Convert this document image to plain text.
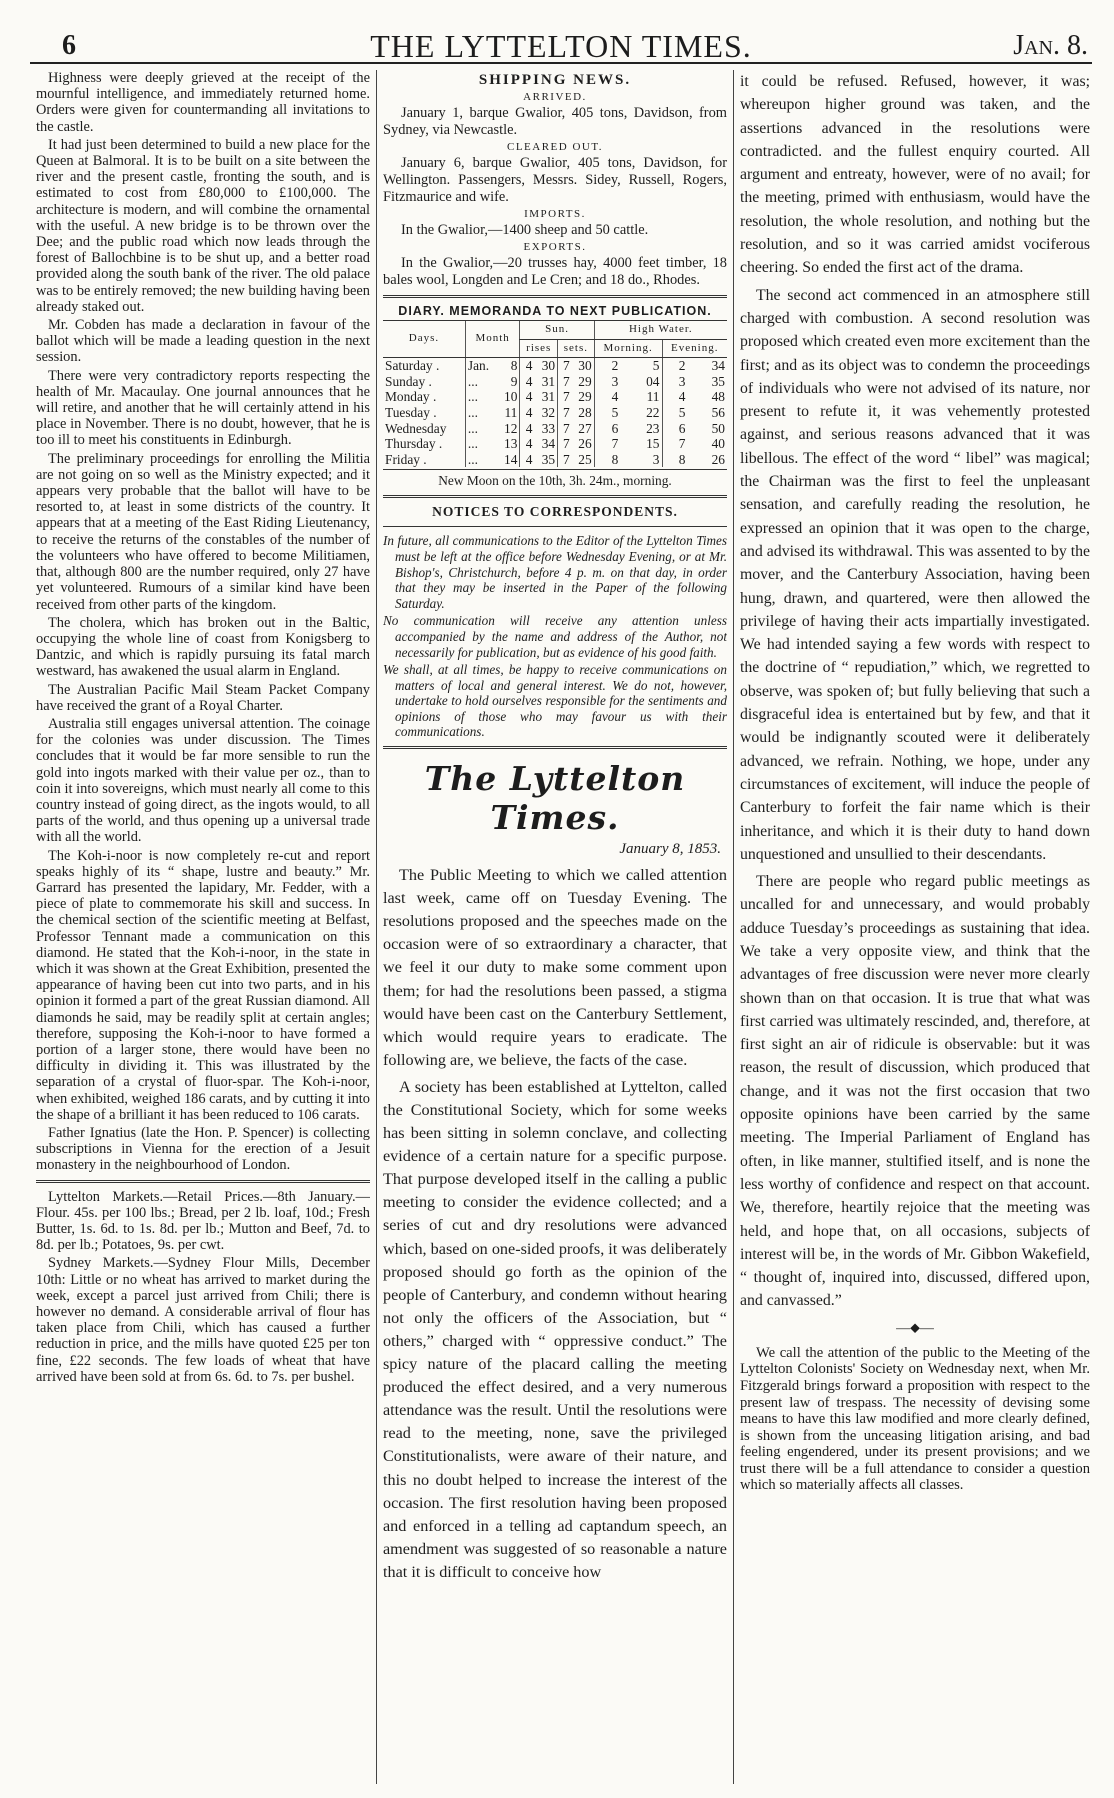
6	THE LYTTELTON TIMES.	Jan. 8.

Highness were deeply grieved at the receipt of the mournful intelligence, and immediately returned home. Orders were given for countermanding all invitations to the castle.

It had just been determined to build a new place for the Queen at Balmoral. It is to be built on a site between the river and the present castle, fronting the south, and is estimated to cost from £80,000 to £100,000. The architecture is modern, and will combine the ornamental with the useful. A new bridge is to be thrown over the Dee; and the public road which now leads through the forest of Ballochbine is to be shut up, and a better road provided along the south bank of the river. The old palace was to be entirely removed; the new building having been already staked out.

Mr. Cobden has made a declaration in favour of the ballot which will be made a leading question in the next session.

There were very contradictory reports respecting the health of Mr. Macaulay. One journal announces that he will retire, and another that he will certainly attend in his place in November. There is no doubt, however, that he is too ill to meet his constituents in Edinburgh.

The preliminary proceedings for enrolling the Militia are not going on so well as the Ministry expected; and it appears very probable that the ballot will have to be resorted to, at least in some districts of the country. It appears that at a meeting of the East Riding Lieutenancy, to receive the returns of the constables of the number of the volunteers who have offered to become Militiamen, that, although 800 are the number required, only 27 have yet volunteered. Rumours of a similar kind have been received from other parts of the kingdom.

The cholera, which has broken out in the Baltic, occupying the whole line of coast from Konigsberg to Dantzic, and which is rapidly pursuing its fatal march westward, has awakened the usual alarm in England.

The Australian Pacific Mail Steam Packet Company have received the grant of a Royal Charter.

Australia still engages universal attention. The coinage for the colonies was under discussion. The Times concludes that it would be far more sensible to run the gold into ingots marked with their value per oz., than to coin it into sovereigns, which must nearly all come to this country instead of going direct, as the ingots would, to all parts of the world, and thus opening up a universal trade with all the world.

The Koh-i-noor is now completely re-cut and report speaks highly of its “ shape, lustre and beauty.” Mr. Garrard has presented the lapidary, Mr. Fedder, with a piece of plate to commemorate his skill and success. In the chemical section of the scientific meeting at Belfast, Professor Tennant made a communication on this diamond. He stated that the Koh-i-noor, in the state in which it was shown at the Great Exhibition, presented the appearance of having been cut into two parts, and in his opinion it formed a part of the great Russian diamond. All diamonds he said, may be readily split at certain angles; therefore, supposing the Koh-i-noor to have formed a portion of a larger stone, there would have been no difficulty in dividing it. This was illustrated by the separation of a crystal of fluor-spar. The Koh-i-noor, when exhibited, weighed 186 carats, and by cutting it into the shape of a brilliant it has been reduced to 106 carats.

Father Ignatius (late the Hon. P. Spencer) is collecting subscriptions in Vienna for the erection of a Jesuit monastery in the neighbourhood of London.

Lyttelton Markets.—Retail Prices.—8th January.—Flour. 45s. per 100 lbs.; Bread, per 2 lb. loaf, 10d.; Fresh Butter, 1s. 6d. to 1s. 8d. per lb.; Mutton and Beef, 7d. to 8d. per lb.; Potatoes, 9s. per cwt.

Sydney Markets.—Sydney Flour Mills, December 10th: Little or no wheat has arrived to market during the week, except a parcel just arrived from Chili; there is however no demand. A considerable arrival of flour has taken place from Chili, which has caused a further reduction in price, and the mills have quoted £25 per ton fine, £22 seconds. The few loads of wheat that have arrived have been sold at from 6s. 6d. to 7s. per bushel.

SHIPPING NEWS.
ARRIVED.

January 1, barque Gwalior, 405 tons, Davidson, from Sydney, via Newcastle.

CLEARED OUT.

January 6, barque Gwalior, 405 tons, Davidson, for Wellington. Passengers, Messrs. Sidey, Russell, Rogers, Fitzmaurice and wife.

IMPORTS.

In the Gwalior,—1400 sheep and 50 cattle.

EXPORTS.

In the Gwalior,—20 trusses hay, 4000 feet timber, 18 bales wool, Longden and Le Cren; and 18 do., Rhodes.

DIARY. MEMORANDA TO NEXT PUBLICATION.
Days.	Month		Sun.				High Water.			
			rises		sets.		Morning.		Evening.	
Saturday .	Jan.	8	4	30	7	30	2	5	2	34
Sunday .	...	9	4	31	7	29	3	04	3	35
Monday .	...	10	4	31	7	29	4	11	4	48
Tuesday .	...	11	4	32	7	28	5	22	5	56
Wednesday	...	12	4	33	7	27	6	23	6	50
Thursday .	...	13	4	34	7	26	7	15	7	40
Friday .	...	14	4	35	7	25	8	3	8	26
New Moon on the 10th, 3h. 24m., morning.
NOTICES TO CORRESPONDENTS.

In future, all communications to the Editor of the Lyttelton Times must be left at the office before Wednesday Evening, or at Mr. Bishop's, Christchurch, before 4 p. m. on that day, in order that they may be inserted in the Paper of the following Saturday.

No communication will receive any attention unless accompanied by the name and address of the Author, not necessarily for publication, but as evidence of his good faith.

We shall, at all times, be happy to receive communications on matters of local and general interest. We do not, however, undertake to hold ourselves responsible for the sentiments and opinions of those who may favour us with their communications.

The Lyttelton Times.
January 8, 1853.

The Public Meeting to which we called attention last week, came off on Tuesday Evening. The resolutions proposed and the speeches made on the occasion were of so extraordinary a character, that we feel it our duty to make some comment upon them; for had the resolutions been passed, a stigma would have been cast on the Canterbury Settlement, which would require years to eradicate. The following are, we believe, the facts of the case.

A society has been established at Lyttelton, called the Constitutional Society, which for some weeks has been sitting in solemn conclave, and collecting evidence of a certain nature for a specific purpose. That purpose developed itself in the calling a public meeting to consider the evidence collected; and a series of cut and dry resolutions were advanced which, based on one-sided proofs, it was deliberately proposed should go forth as the opinion of the people of Canterbury, and condemn without hearing not only the officers of the Association, but “ others,” charged with “ oppressive conduct.” The spicy nature of the placard calling the meeting produced the effect desired, and a very numerous attendance was the result. Until the resolutions were read to the meeting, none, save the privileged Constitutionalists, were aware of their nature, and this no doubt helped to increase the interest of the occasion. The first resolution having been proposed and enforced in a telling ad captandum speech, an amendment was suggested of so reasonable a nature that it is difficult to conceive how

it could be refused. Refused, however, it was; whereupon higher ground was taken, and the assertions advanced in the resolutions were contradicted. and the fullest enquiry courted. All argument and entreaty, however, were of no avail; for the meeting, primed with enthusiasm, would have the resolution, the whole resolution, and nothing but the resolution, and so it was carried amidst vociferous cheering. So ended the first act of the drama.

The second act commenced in an atmosphere still charged with combustion. A second resolution was proposed which created even more excitement than the first; and as its object was to condemn the proceedings of individuals who were not advised of its nature, nor present to refute it, it was vehemently protested against, and serious reasons advanced that it was libellous. The effect of the word “ libel” was magical; the Chairman was the first to feel the unpleasant sensation, and carefully reading the resolution, he expressed an opinion that it was open to the charge, and advised its withdrawal. This was assented to by the mover, and the Canterbury Association, having been hung, drawn, and quartered, were then allowed the privilege of having their acts impartially investigated. We had intended saying a few words with respect to the doctrine of “ repudiation,” which, we regretted to observe, was spoken of; but fully believing that such a disgraceful idea is entertained but by few, and that it would be indignantly scouted were it deliberately advanced, we refrain. Nothing, we hope, under any circumstances of excitement, will induce the people of Canterbury to forfeit the fair name which is their inheritance, and which it is their duty to hand down unquestioned and unsullied to their descendants.

There are people who regard public meetings as uncalled for and unnecessary, and would probably adduce Tuesday’s proceedings as sustaining that idea. We take a very opposite view, and think that the advantages of free discussion were never more clearly shown than on that occasion. It is true that what was first carried was ultimately rescinded, and, therefore, at first sight an air of ridicule is observable: but it was reason, the result of discussion, which produced that change, and it was not the first occasion that two opposite opinions have been carried by the same meeting. The Imperial Parliament of England has often, in like manner, stultified itself, and is none the less worthy of confidence and respect on that account. We, therefore, heartily rejoice that the meeting was held, and hope that, on all occasions, subjects of interest will be, in the words of Mr. Gibbon Wakefield, “ thought of, inquired into, discussed, differed upon, and canvassed.”

—⬥—

We call the attention of the public to the Meeting of the Lyttelton Colonists' Society on Wednesday next, when Mr. Fitzgerald brings forward a proposition with respect to the present law of trespass. The necessity of devising some means to have this law modified and more clearly defined, is shown from the unceasing litigation arising, and bad feeling engendered, under its present provisions; and we trust there will be a full attendance to consider a question which so materially affects all classes.
